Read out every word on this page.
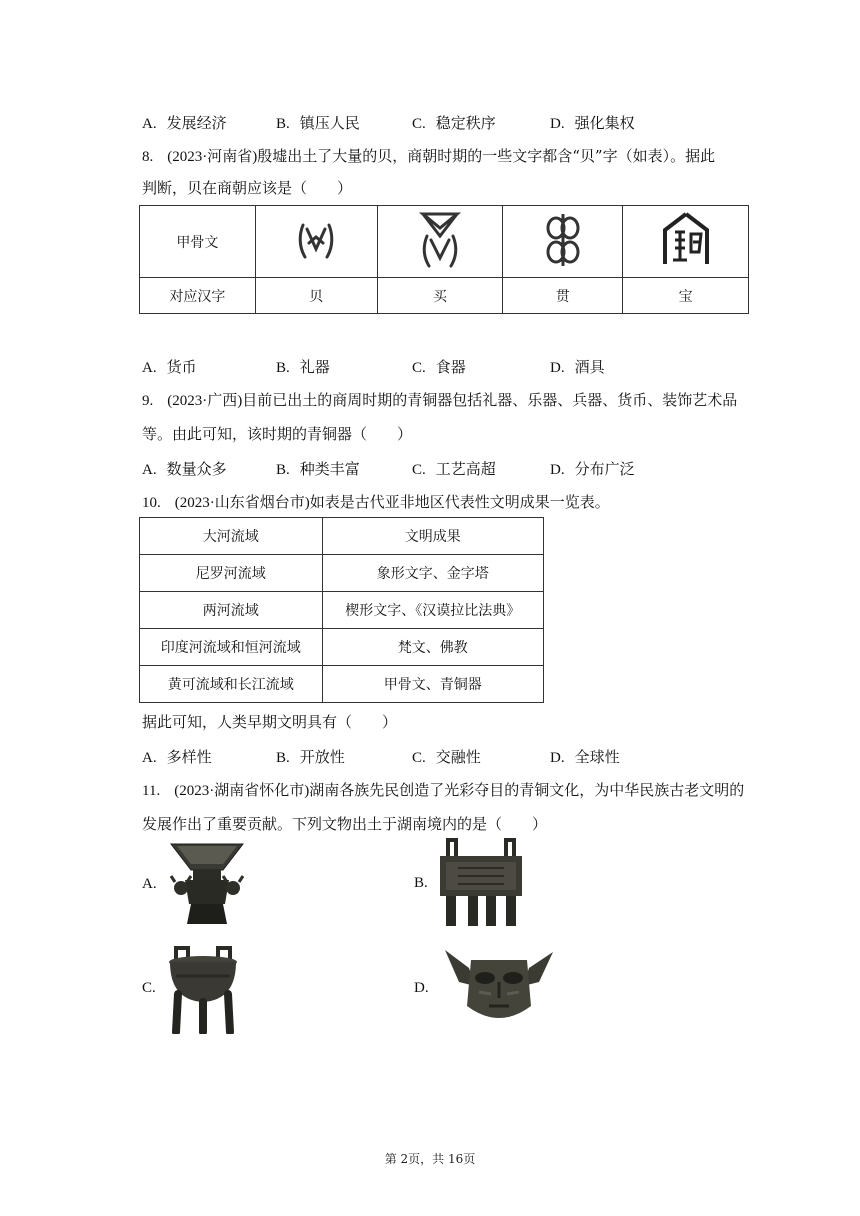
A. 发展经济	B. 镇压人民	C. 稳定秩序	D. 强化集权
8. (2023·河南省)殷墟出土了大量的贝，商朝时期的一些文字都含“贝”字（如表）。据此
判断，贝在商朝应该是（　　）
甲骨文				
对应汉字	贝	买	贯	宝
A. 货币	B. 礼器	C. 食器	D. 酒具
9. (2023·广西)目前已出土的商周时期的青铜器包括礼器、乐器、兵器、货币、装饰艺术品
等。由此可知，该时期的青铜器（　　）
A. 数量众多	B. 种类丰富	C. 工艺高超	D. 分布广泛
10. (2023·山东省烟台市)如表是古代亚非地区代表性文明成果一览表。
大河流域	文明成果
尼罗河流域	象形文字、金字塔
两河流域	楔形文字、《汉谟拉比法典》
印度河流域和恒河流域	梵文、佛教
黄可流域和长江流域	甲骨文、青铜器
据此可知，人类早期文明具有（　　）
A. 多样性	B. 开放性	C. 交融性	D. 全球性
11. (2023·湖南省怀化市)湖南各族先民创造了光彩夺目的青铜文化，为中华民族古老文明的
发展作出了重要贡献。下列文物出土于湖南境内的是（　　）
A.	B.
C.	D.
第 2页，共 16页
